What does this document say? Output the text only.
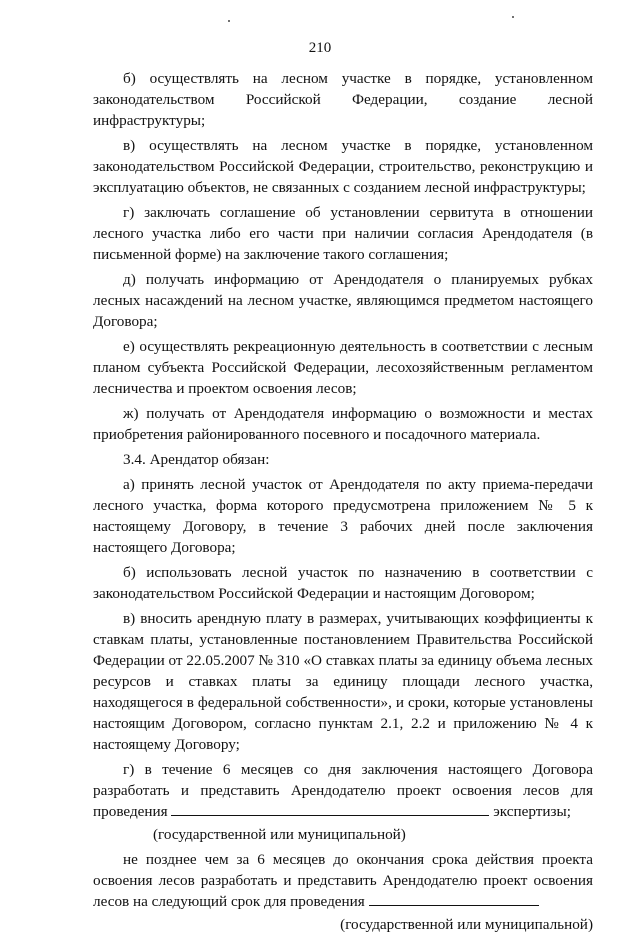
210

б) осуществлять на лесном участке в порядке, установленном
законодательством Российской Федерации, создание лесной
инфраструктуры;

в) осуществлять на лесном участке в порядке, установленном законодательством Российской Федерации, строительство, реконструкцию и эксплуатацию объектов, не связанных с созданием лесной инфраструктуры;

г) заключать соглашение об установлении сервитута в отношении лесного участка либо его части при наличии согласия Арендодателя (в письменной форме) на заключение такого соглашения;

д) получать информацию от Арендодателя о планируемых рубках лесных насаждений на лесном участке, являющимся предметом настоящего Договора;

е) осуществлять рекреационную деятельность в соответствии с лесным планом субъекта Российской Федерации, лесохозяйственным регламентом лесничества и проектом освоения лесов;

ж) получать от Арендодателя информацию о возможности и местах приобретения районированного посевного и посадочного материала.

3.4. Арендатор обязан:

а) принять лесной участок от Арендодателя по акту приема-передачи лесного участка, форма которого предусмотрена приложением № 5 к настоящему Договору, в течение 3 рабочих дней после заключения настоящего Договора;

б) использовать лесной участок по назначению в соответствии с законодательством Российской Федерации и настоящим Договором;

в) вносить арендную плату в размерах, учитывающих коэффициенты к ставкам платы, установленные постановлением Правительства Российской Федерации от 22.05.2007 № 310 «О ставках платы за единицу объема лесных ресурсов и ставках платы за единицу площади лесного участка, находящегося в федеральной собственности», и сроки, которые установлены настоящим Договором, согласно пунктам 2.1, 2.2 и приложению № 4 к настоящему Договору;

г) в течение 6 месяцев со дня заключения настоящего Договора разработать и представить Арендодателю проект освоения лесов для проведения	экспертизы;

(государственной или муниципальной)

не позднее чем за 6 месяцев до окончания срока действия проекта освоения лесов разработать и представить Арендодателю проект освоения лесов на следующий срок для проведения

(государственной или муниципальной)
